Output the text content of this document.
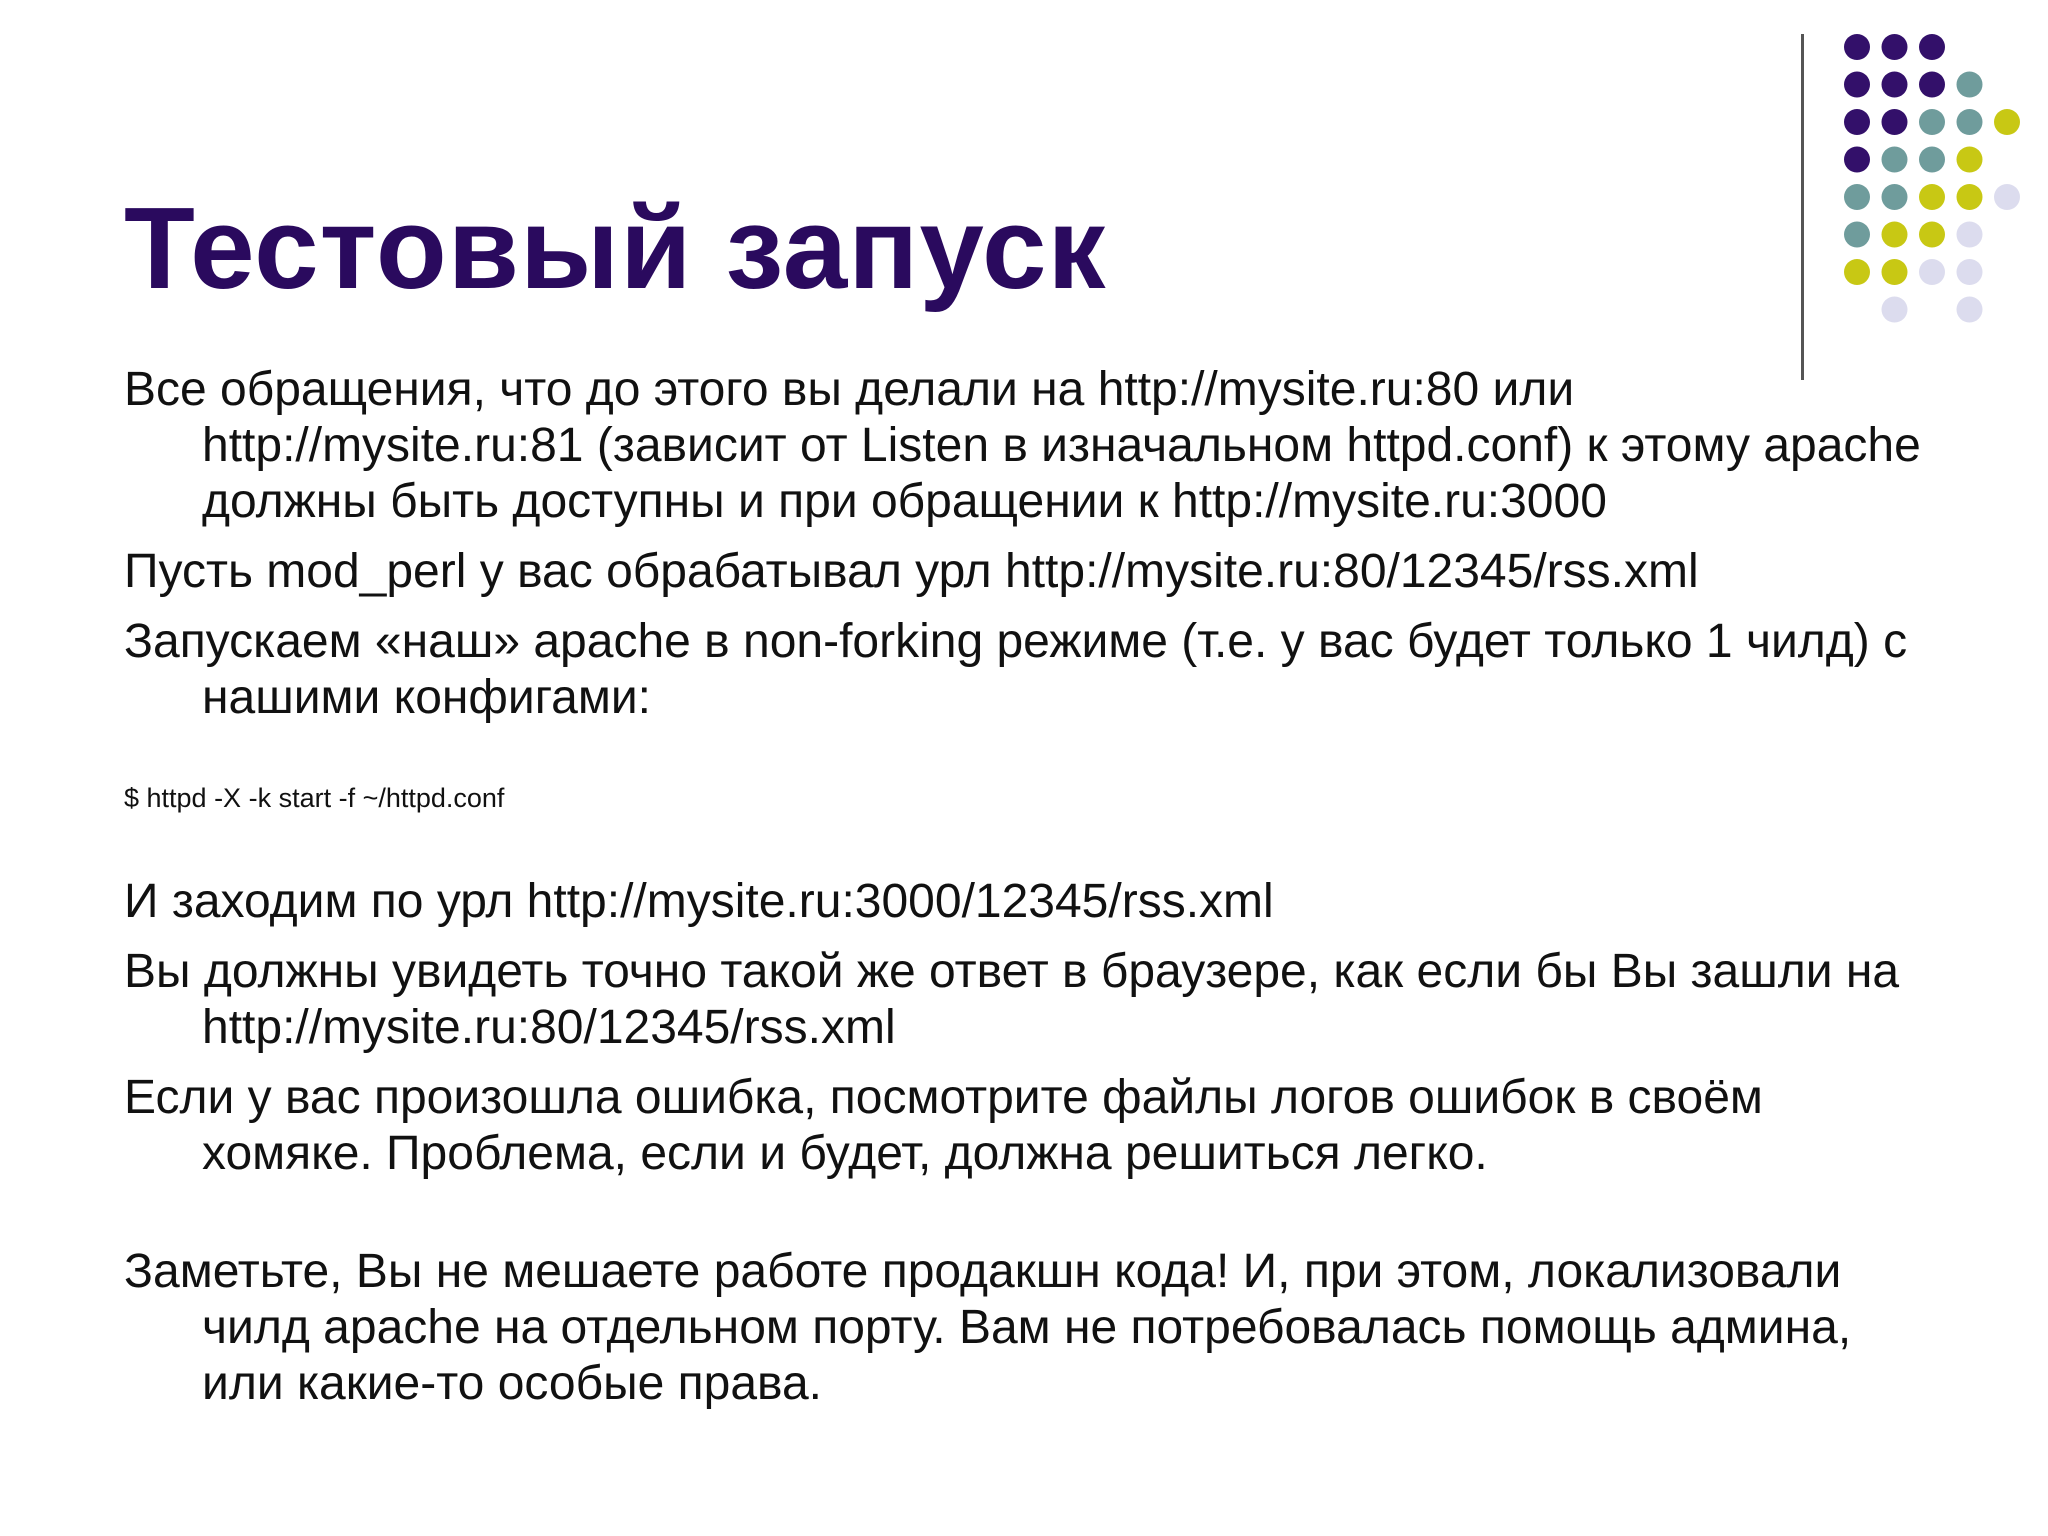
Тестовый запуск

Все обращения, что до этого вы делали на http://mysite.ru:80 или http://mysite.ru:81 (зависит от Listen в изначальном httpd.conf) к этому apache должны быть доступны и при обращении к http://mysite.ru:3000

Пусть mod_perl у вас обрабатывал урл http://mysite.ru:80/12345/rss.xml

Запускаем «наш» apache в non-forking режиме (т.е. у вас будет только 1 чилд) с нашими конфигами:

$ httpd -X -k start -f ~/httpd.conf

И заходим по урл http://mysite.ru:3000/12345/rss.xml

Вы должны увидеть точно такой же ответ в браузере, как если бы Вы зашли на http://mysite.ru:80/12345/rss.xml

Если у вас произошла ошибка, посмотрите файлы логов ошибок в своём хомяке. Проблема, если и будет, должна решиться легко.

Заметьте, Вы не мешаете работе продакшн кода! И, при этом, локализовали чилд apache на отдельном порту. Вам не потребовалась помощь админа, или какие-то особые права.
